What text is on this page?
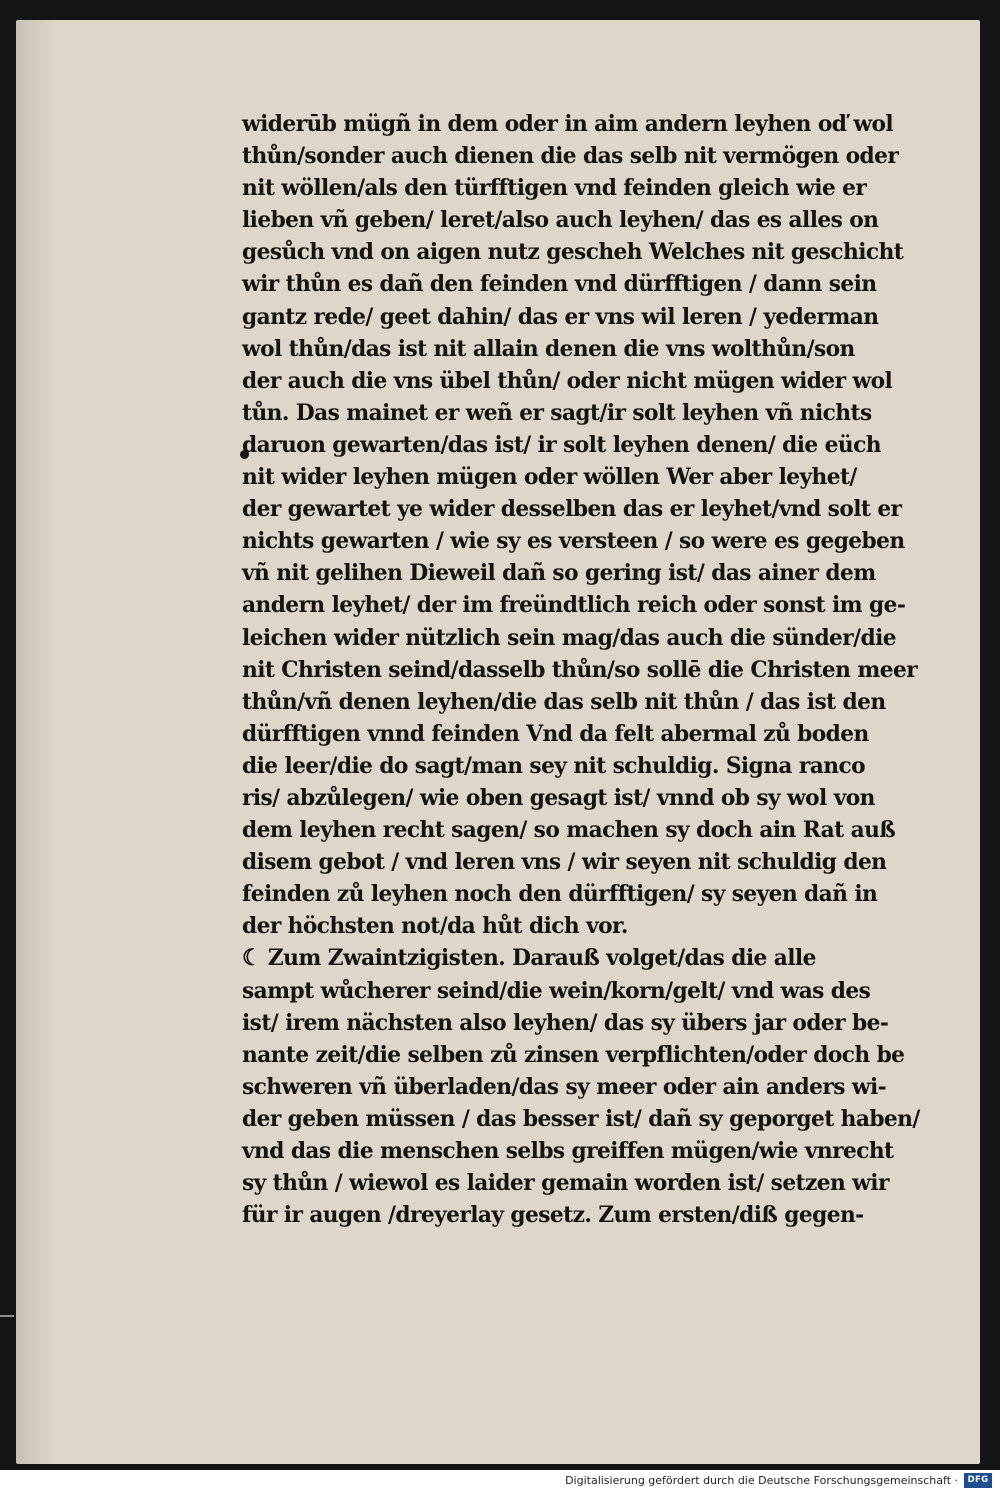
widerūb mügñ in dem oder in aim andern leyhen oď wol
thůn/sonder auch dienen die das selb nit vermögen oder
nit wöllen/als den türfftigen vnd feinden gleich wie er
lieben vñ geben/ leret/also auch leyhen/ das es alles on
gesůch vnd on aigen nutz gescheh Welches nit geschicht
wir thůn es dañ den feinden vnd dürfftigen / dann sein
gantz rede/ geet dahin/ das er vns wil leren / yederman
wol thůn/das ist nit allain denen die vns wolthůn/son
der auch die vns übel thůn/ oder nicht mügen wider wol
tůn. Das mainet er weñ er sagt/ir solt leyhen vñ nichts
daruon gewarten/das ist/ ir solt leyhen denen/ die eüch
nit wider leyhen mügen oder wöllen Wer aber leyhet/
der gewartet ye wider desselben das er leyhet/vnd solt er
nichts gewarten / wie sy es versteen / so were es gegeben
vñ nit gelihen Dieweil dañ so gering ist/ das ainer dem
andern leyhet/ der im freündtlich reich oder sonst im ge-
leichen wider nützlich sein mag/das auch die sünder/die
nit Christen seind/dasselb thůn/so sollē die Christen meer
thůn/vñ denen leyhen/die das selb nit thůn / das ist den
dürfftigen vnnd feinden Vnd da felt abermal zů boden
die leer/die do sagt/man sey nit schuldig. Signa ranco
ris/ abzůlegen/ wie oben gesagt ist/ vnnd ob sy wol von
dem leyhen recht sagen/ so machen sy doch ain Rat auß
disem gebot / vnd leren vns / wir seyen nit schuldig den
feinden zů leyhen noch den dürfftigen/ sy seyen dañ in
der höchsten not/da hůt dich vor.
☾ Zum Zwaintzigisten. Darauß volget/das die alle
sampt wůcherer seind/die wein/korn/gelt/ vnd was des
ist/ irem nächsten also leyhen/ das sy übers jar oder be-
nante zeit/die selben zů zinsen verpflichten/oder doch be
schweren vñ überladen/das sy meer oder ain anders wi-
der geben müssen / das besser ist/ dañ sy geporget haben/
vnd das die menschen selbs greiffen mügen/wie vnrecht
sy thůn / wiewol es laider gemain worden ist/ setzen wir
für ir augen /dreyerlay gesetz. Zum ersten/diß gegen-
Digitalisierung gefördert durch die Deutsche Forschungsgemeinschaft ·	DFG
